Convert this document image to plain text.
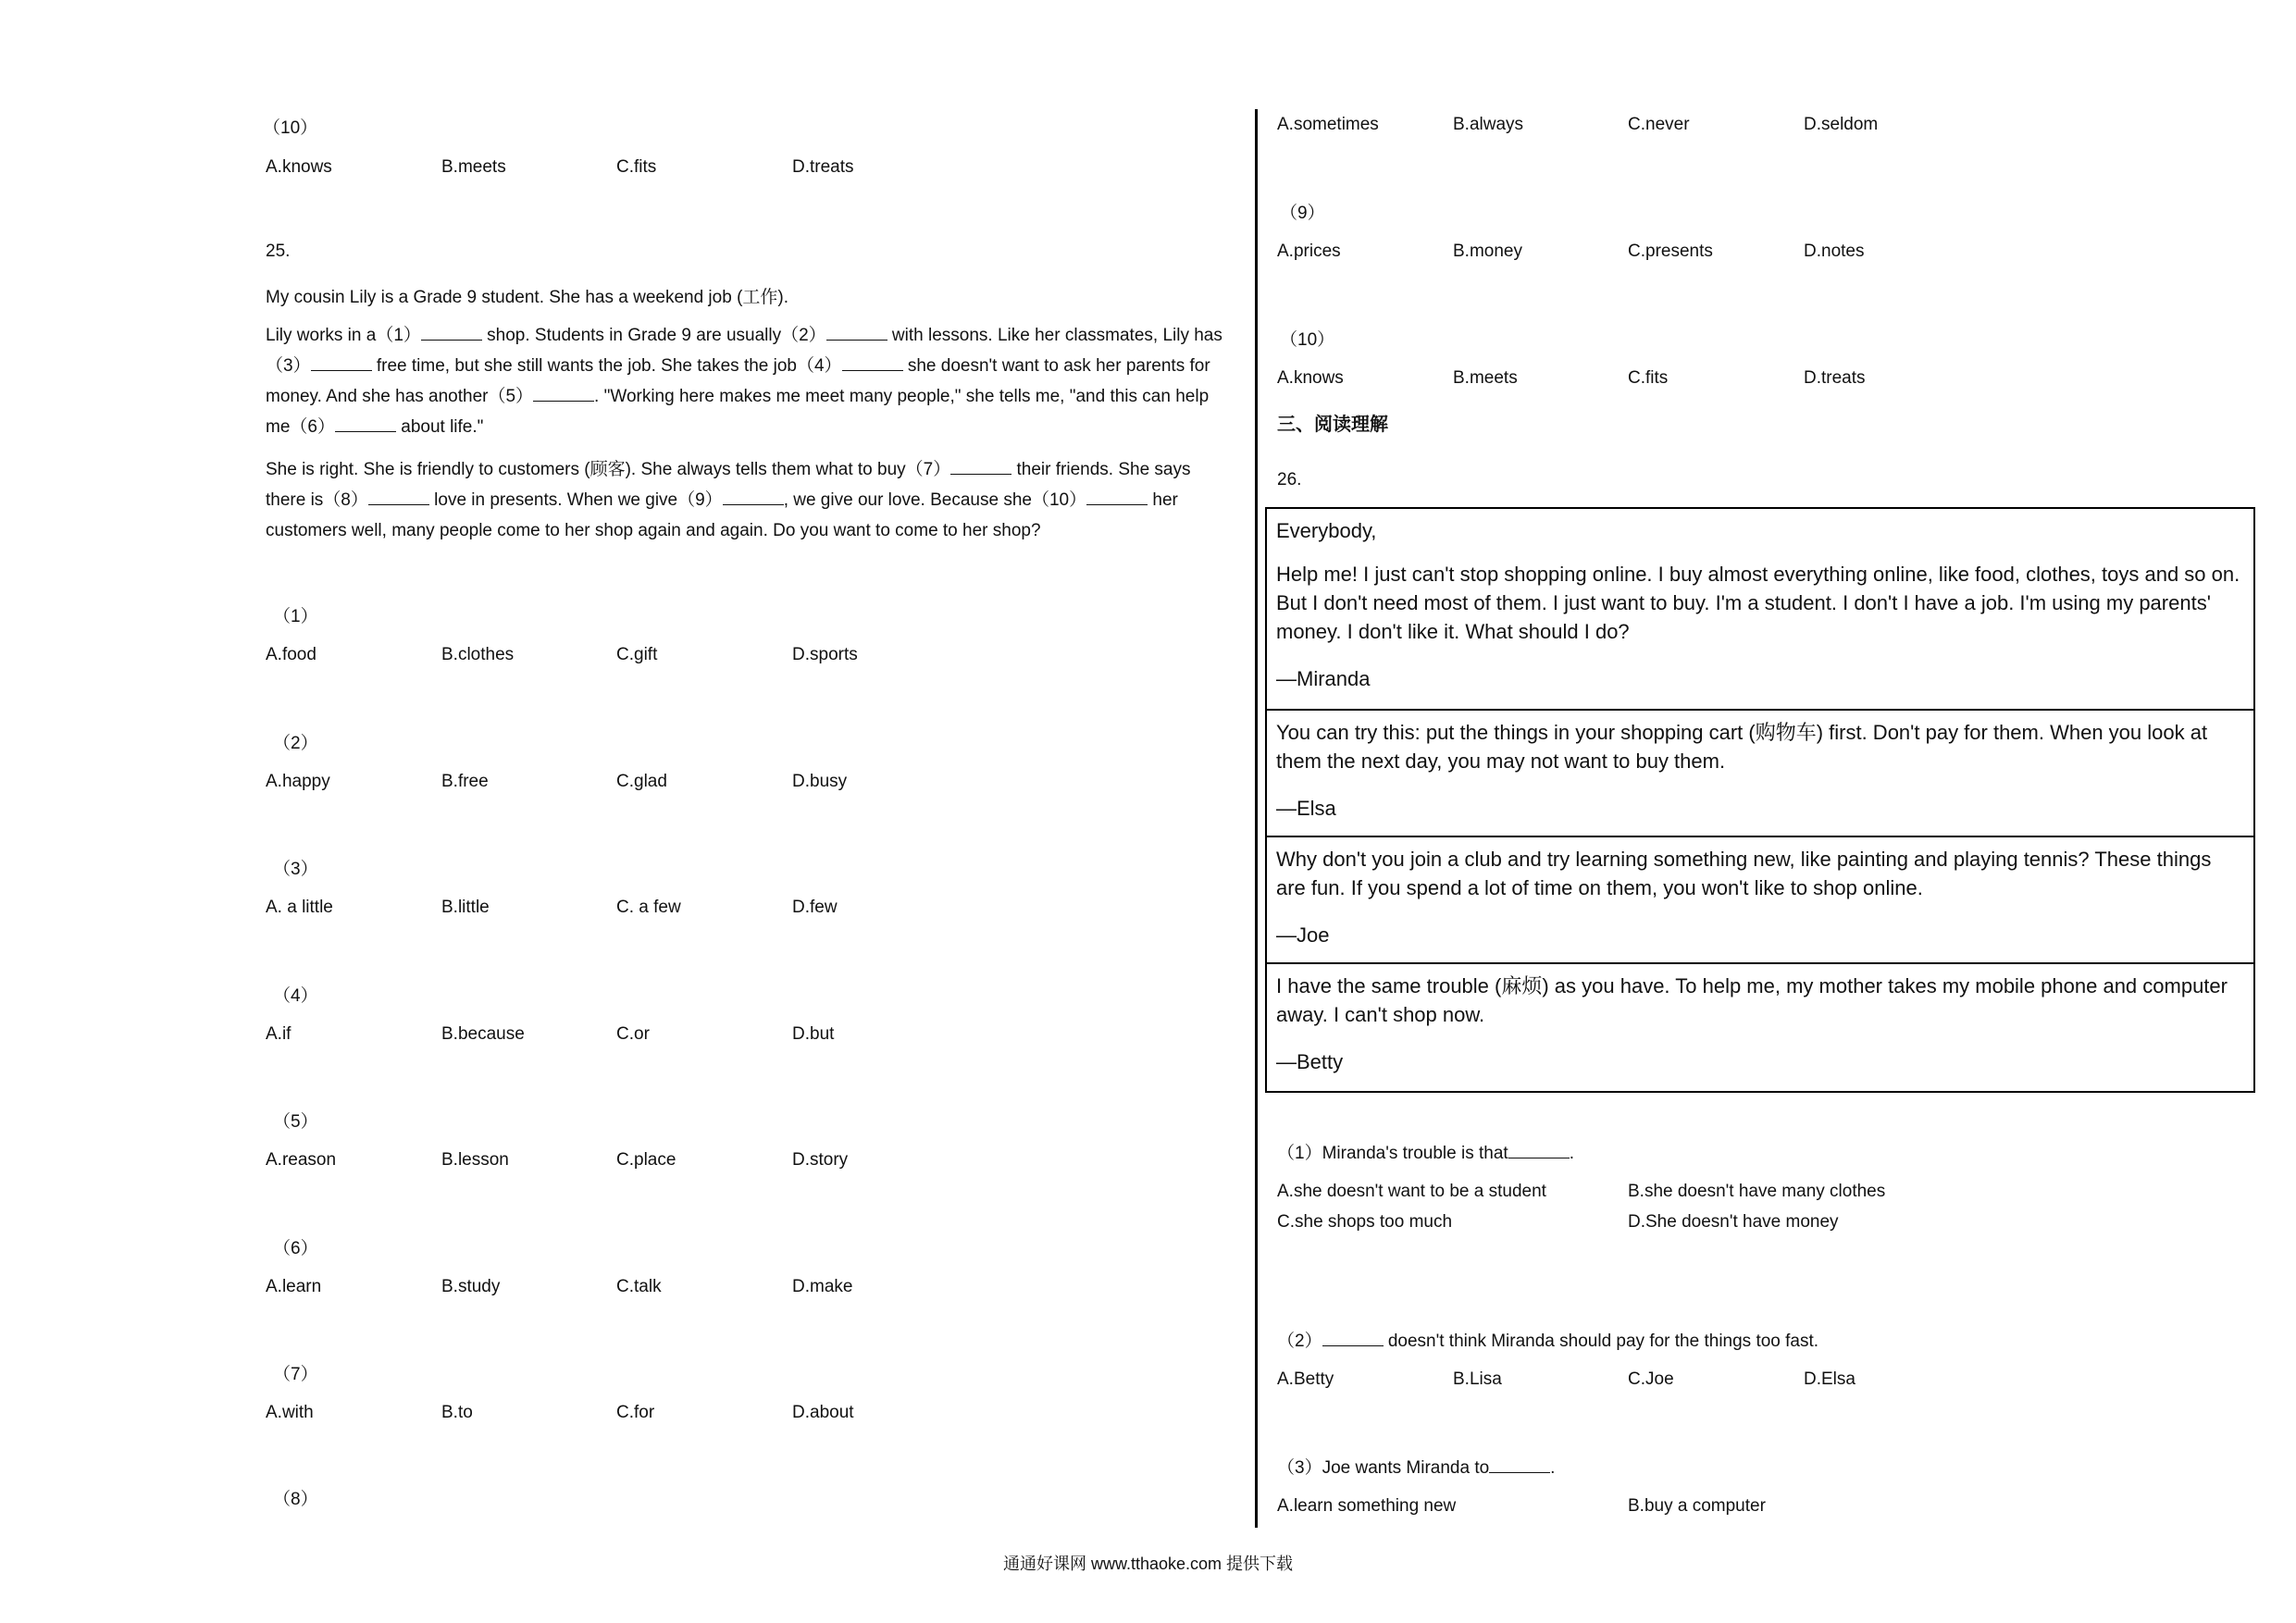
（10）
A.knows	B.meets	C.fits	D.treats
25.
My cousin Lily is a Grade 9 student. She has a weekend job (工作).
Lily works in a（1）	shop. Students in Grade 9 are usually（2）	with lessons. Like her classmates, Lily has（3）	free time, but she still wants the job. She takes the job（4）	she doesn't want to ask her parents for money. And she has another（5）	. "Working here makes me meet many people," she tells me, "and this can help me（6）	about life."
She is right. She is friendly to customers (顾客). She always tells them what to buy（7）	their friends. She says there is（8）	love in presents. When we give（9）	, we give our love. Because she（10）	her customers well, many people come to her shop again and again. Do you want to come to her shop?
（1）
A.food	B.clothes	C.gift	D.sports
（2）
A.happy	B.free	C.glad	D.busy
（3）
A. a little	B.little	C. a few	D.few
（4）
A.if	B.because	C.or	D.but
（5）
A.reason	B.lesson	C.place	D.story
（6）
A.learn	B.study	C.talk	D.make
（7）
A.with	B.to	C.for	D.about
（8）
A.sometimes	B.always	C.never	D.seldom
（9）
A.prices	B.money	C.presents	D.notes
（10）
A.knows	B.meets	C.fits	D.treats
三、阅读理解
26.

Everybody,

Help me! I just can't stop shopping online. I buy almost everything online, like food, clothes, toys and so on. But I don't need most of them. I just want to buy. I'm a student. I don't I have a job. I'm using my parents' money. I don't like it. What should I do?

—Miranda

You can try this: put the things in your shopping cart (购物车) first. Don't pay for them. When you look at them the next day, you may not want to buy them.

—Elsa

Why don't you join a club and try learning something new, like painting and playing tennis? These things are fun. If you spend a lot of time on them, you won't like to shop online.

—Joe

I have the same trouble (麻烦) as you have. To help me, my mother takes my mobile phone and computer away. I can't shop now.

—Betty

（1）Miranda's trouble is that	.
A.she doesn't want to be a student	B.she doesn't have many clothes
C.she shops too much	D.She doesn't have money
（2）	doesn't think Miranda should pay for the things too fast.
A.Betty	B.Lisa	C.Joe	D.Elsa
（3）Joe wants Miranda to	.
A.learn something new	B.buy a computer
通通好课网 www.tthaoke.com 提供下载
